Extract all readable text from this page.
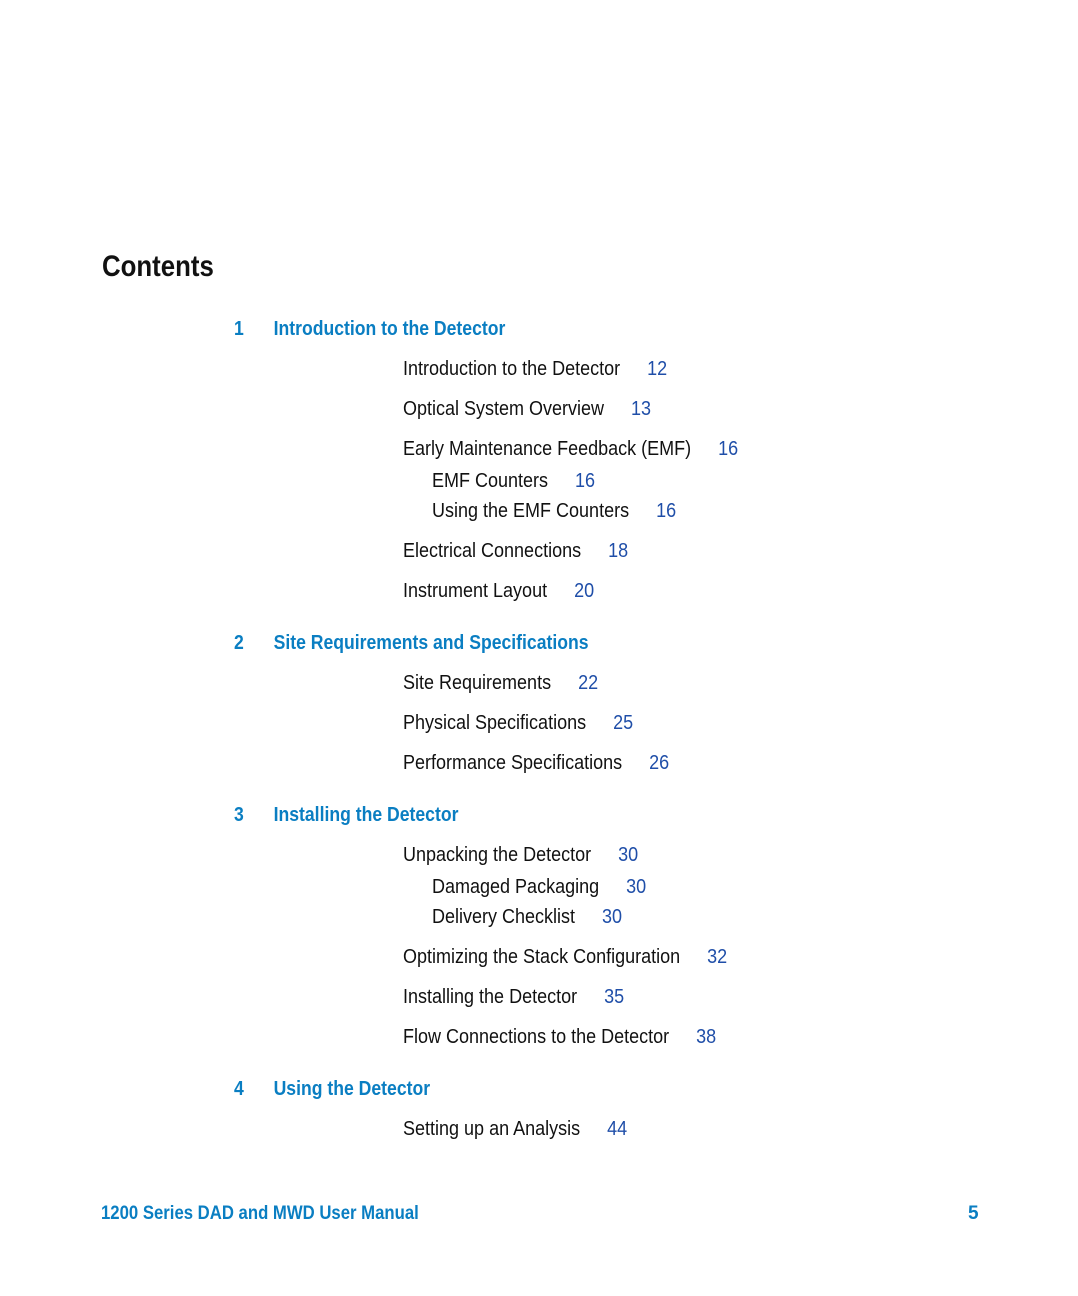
Contents
1 Introduction to the Detector
Introduction to the Detector 12
Optical System Overview 13
Early Maintenance Feedback (EMF) 16
EMF Counters 16
Using the EMF Counters 16
Electrical Connections 18
Instrument Layout 20
2 Site Requirements and Specifications
Site Requirements 22
Physical Specifications 25
Performance Specifications 26
3 Installing the Detector
Unpacking the Detector 30
Damaged Packaging 30
Delivery Checklist 30
Optimizing the Stack Configuration 32
Installing the Detector 35
Flow Connections to the Detector 38
4 Using the Detector
Setting up an Analysis 44
1200 Series DAD and MWD User Manual	5
